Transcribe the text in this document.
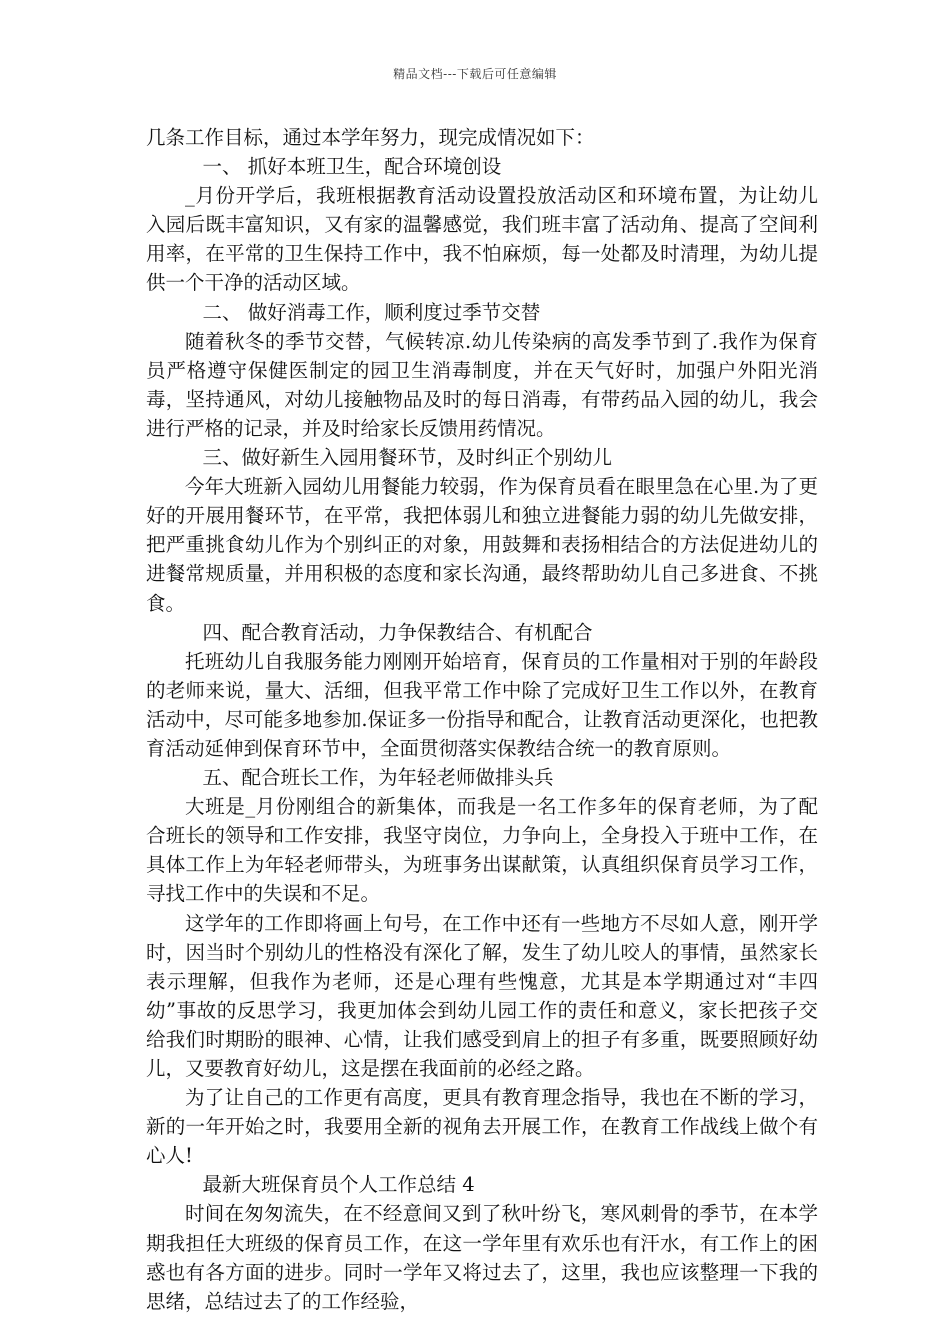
精品文档---下载后可任意编辑

几条工作目标，通过本学年努力，现完成情况如下：

一、 抓好本班卫生，配合环境创设

_月份开学后，我班根据教育活动设置投放活动区和环境布置，为让幼儿入园后既丰富知识，又有家的温馨感觉，我们班丰富了活动角、提高了空间利用率，在平常的卫生保持工作中，我不怕麻烦，每一处都及时清理，为幼儿提供一个干净的活动区域。

二、 做好消毒工作，顺利度过季节交替

随着秋冬的季节交替，气候转凉.幼儿传染病的高发季节到了.我作为保育员严格遵守保健医制定的园卫生消毒制度，并在天气好时，加强户外阳光消毒，坚持通风，对幼儿接触物品及时的每日消毒，有带药品入园的幼儿，我会进行严格的记录，并及时给家长反馈用药情况。

三、做好新生入园用餐环节，及时纠正个别幼儿

今年大班新入园幼儿用餐能力较弱，作为保育员看在眼里急在心里.为了更好的开展用餐环节，在平常，我把体弱儿和独立进餐能力弱的幼儿先做安排，把严重挑食幼儿作为个别纠正的对象，用鼓舞和表扬相结合的方法促进幼儿的进餐常规质量，并用积极的态度和家长沟通，最终帮助幼儿自己多进食、不挑食。

四、配合教育活动，力争保教结合、有机配合

托班幼儿自我服务能力刚刚开始培育，保育员的工作量相对于别的年龄段的老师来说，量大、活细，但我平常工作中除了完成好卫生工作以外，在教育活动中，尽可能多地参加.保证多一份指导和配合，让教育活动更深化，也把教育活动延伸到保育环节中，全面贯彻落实保教结合统一的教育原则。

五、配合班长工作，为年轻老师做排头兵

大班是_月份刚组合的新集体，而我是一名工作多年的保育老师，为了配合班长的领导和工作安排，我坚守岗位，力争向上，全身投入于班中工作，在具体工作上为年轻老师带头，为班事务出谋献策，认真组织保育员学习工作，寻找工作中的失误和不足。

这学年的工作即将画上句号，在工作中还有一些地方不尽如人意，刚开学时，因当时个别幼儿的性格没有深化了解，发生了幼儿咬人的事情，虽然家长表示理解，但我作为老师，还是心理有些愧意，尤其是本学期通过对“丰四幼”事故的反思学习，我更加体会到幼儿园工作的责任和意义，家长把孩子交给我们时期盼的眼神、心情，让我们感受到肩上的担子有多重，既要照顾好幼儿，又要教育好幼儿，这是摆在我面前的必经之路。

为了让自己的工作更有高度，更具有教育理念指导，我也在不断的学习，新的一年开始之时，我要用全新的视角去开展工作，在教育工作战线上做个有心人!

最新大班保育员个人工作总结 4

时间在匆匆流失，在不经意间又到了秋叶纷飞，寒风刺骨的季节，在本学期我担任大班级的保育员工作，在这一学年里有欢乐也有汗水，有工作上的困惑也有各方面的进步。同时一学年又将过去了，这里，我也应该整理一下我的思绪，总结过去了的工作经验，
